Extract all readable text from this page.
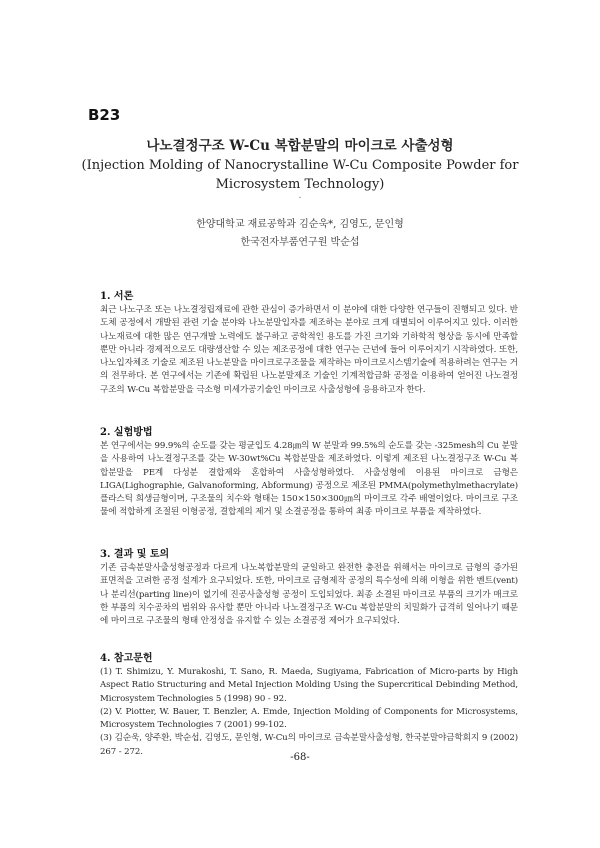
B23
나노결정구조 W-Cu 복합분말의 마이크로 사출성형
(Injection Molding of Nanocrystalline W-Cu Composite Powder for Microsystem Technology)
·
한양대학교 재료공학과 김순욱*, 김영도, 문인형
한국전자부품연구원 박순섭

1. 서론

최근 나노구조 또는 나노결정립재료에 관한 관심이 증가하면서 이 분야에 대한 다양한 연구들이 진행되고 있다. 반도체 공정에서 개발된 관련 기술 분야와 나노분말입자를 제조하는 분야로 크게 대별되어 이루어지고 있다. 이러한 나노재료에 대한 많은 연구개발 노력에도 불구하고 공학적인 용도를 가진 크기와 기하학적 형상을 동시에 만족할 뿐만 아니라 경제적으로도 대량생산할 수 있는 제조공정에 대한 연구는 근년에 들어 이루어지기 시작하였다. 또한, 나노입자체조 기술로 제조된 나노분말을 마이크로구조물을 제작하는 마이크로시스템기술에 적용하려는 연구는 거의 전무하다. 본 연구에서는 기존에 확립된 나노분말제조 기술인 기계적합금화 공정을 이용하여 얻어진 나노결정구조의 W-Cu 복합분말을 극소형 미세가공기술인 마이크로 사출성형에 응용하고자 한다.

2. 실험방법

본 연구에서는 99.9%의 순도를 갖는 평균입도 4.28㎛의 W 분말과 99.5%의 순도를 갖는 -325mesh의 Cu 분말을 사용하여 나노결정구조를 갖는 W-30wt%Cu 복합분말을 제조하였다. 이렇게 제조된 나노결정구조 W-Cu 복합분말을 PE계 다성분 결합제와 혼합하여 사출성형하였다. 사출성형에 이용된 마이크로 금형은 LIGA(Lighographie, Galvanoforming, Abformung) 공정으로 제조된 PMMA(polymethylmethacrylate) 플라스틱 희생금형이며, 구조물의 치수와 형태는 150×150×300㎛의 마이크로 각주 배열이었다. 마이크로 구조물에 적합하게 조절된 이형공정, 결합제의 제거 및 소결공정을 통하여 최종 마이크로 부품을 제작하였다.

3. 결과 및 토의

기존 금속분말사출성형공정과 다르게 나노복합분말의 균일하고 완전한 충전을 위해서는 마이크로 금형의 증가된 표면적을 고려한 공정 설계가 요구되었다. 또한, 마이크로 금형제작 공정의 특수성에 의해 이형을 위한 벤트(vent)나 분리선(parting line)이 없기에 진공사출성형 공정이 도입되었다. 최종 소결된 마이크로 부품의 크기가 매크로한 부품의 치수공차의 범위와 유사할 뿐만 아니라 나노결정구조 W-Cu 복합분말의 치밀화가 급격히 일어나기 때문에 마이크로 구조물의 형태 안정성을 유지할 수 있는 소결공정 제어가 요구되었다.

4. 참고문헌

(1) T. Shimizu, Y. Murakoshi, T. Sano, R. Maeda, Sugiyama, Fabrication of Micro-parts by High Aspect Ratio Structuring and Metal Injection Molding Using the Supercritical Debinding Method, Microsystem Technologies 5 (1998) 90 - 92.

(2) V. Piotter, W. Bauer, T. Benzler, A. Emde, Injection Molding of Components for Microsystems, Microsystem Technologies 7 (2001) 99-102.

(3) 김순욱, 양주환, 박순섭, 김영도, 문인형, W-Cu의 마이크로 금속분말사출성형, 한국분말야금학회지 9 (2002) 267 - 272.

-68-
